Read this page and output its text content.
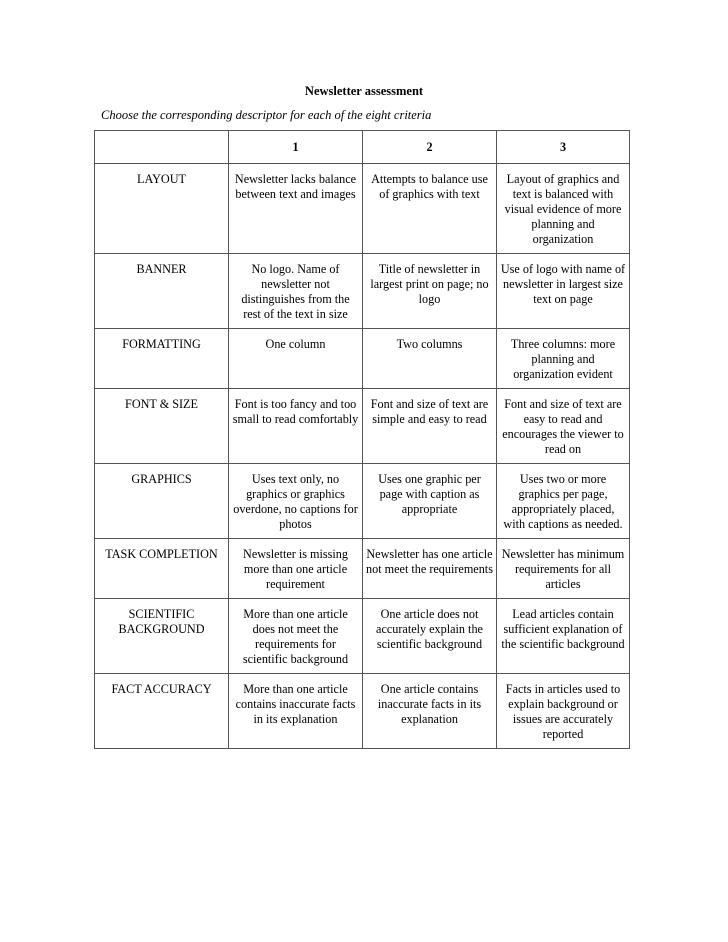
Newsletter assessment
Choose the corresponding descriptor for each of the eight criteria
	1	2	3
LAYOUT	Newsletter lacks balance between text and images	Attempts to balance use of graphics with text	Layout of graphics and text is balanced with visual evidence of more planning and organization
BANNER	No logo. Name of newsletter not distinguishes from the rest of the text in size	Title of newsletter in largest print on page; no logo	Use of logo with name of newsletter in largest size text on page
FORMATTING	One column	Two columns	Three columns: more planning and organization evident
FONT & SIZE	Font is too fancy and too small to read comfortably	Font and size of text are simple and easy to read	Font and size of text are easy to read and encourages the viewer to read on
GRAPHICS	Uses text only, no graphics or graphics overdone, no captions for photos	Uses one graphic per page with caption as appropriate	Uses two or more graphics per page, appropriately placed, with captions as needed.
TASK COMPLETION	Newsletter is missing more than one article requirement	Newsletter has one article not meet the requirements	Newsletter has minimum requirements for all articles
SCIENTIFIC BACKGROUND	More than one article does not meet the requirements for scientific background	One article does not accurately explain the scientific background	Lead articles contain sufficient explanation of the scientific background
FACT ACCURACY	More than one article contains inaccurate facts in its explanation	One article contains inaccurate facts in its explanation	Facts in articles used to explain background or issues are accurately reported
